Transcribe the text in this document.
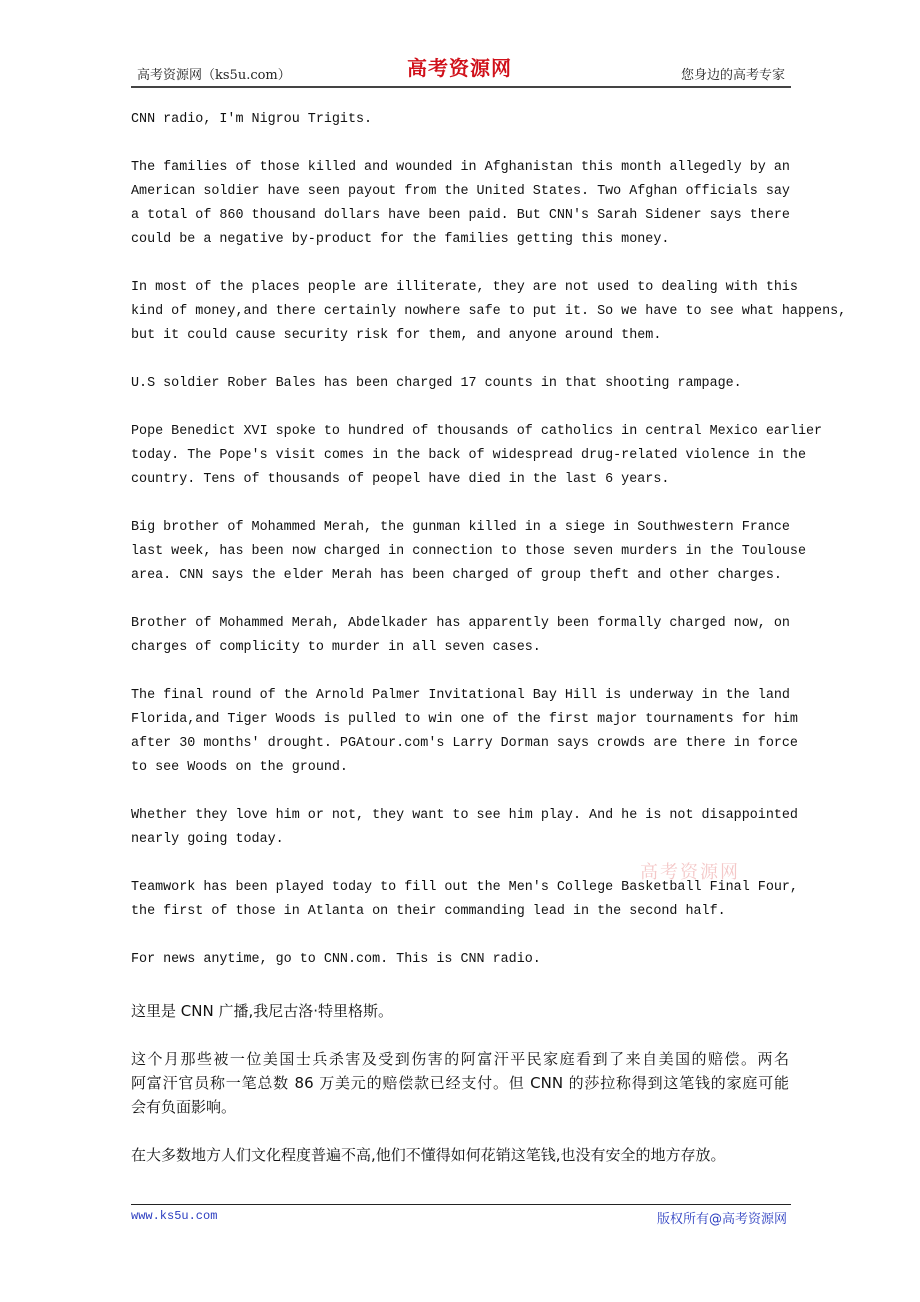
高考资源网（ks5u.com）	高考资源网	您身边的高考专家
CNN radio, I'm Nigrou Trigits.
The families of those killed and wounded in Afghanistan this month allegedly by an
American soldier have seen payout from the United States. Two Afghan officials say
a total of 860 thousand dollars have been paid. But CNN's Sarah Sidener says there
could be a negative by-product for the families getting this money.
In most of the places people are illiterate, they are not used to dealing with this
kind of money,and there certainly nowhere safe to put it. So we have to see what happens,
but it could cause security risk for them, and anyone around them.
U.S soldier Rober Bales has been charged 17 counts in that shooting rampage.
Pope Benedict XVI spoke to hundred of thousands of catholics in central Mexico earlier
today. The Pope's visit comes in the back of widespread drug-related violence in the
country. Tens of thousands of peopel have died in the last 6 years.
Big brother of Mohammed Merah, the gunman killed in a siege in Southwestern France
last week, has been now charged in connection to those seven murders in the Toulouse
area. CNN says the elder Merah has been charged of group theft and other charges.
Brother of Mohammed Merah, Abdelkader has apparently been formally charged now, on
charges of complicity to murder in all seven cases.
The final round of the Arnold Palmer Invitational Bay Hill is underway in the land
Florida,and Tiger Woods is pulled to win one of the first major tournaments for him
after 30 months' drought. PGAtour.com's Larry Dorman says crowds are there in force
to see Woods on the ground.
Whether they love him or not, they want to see him play. And he is not disappointed
nearly going today.
Teamwork has been played today to fill out the Men's College Basketball Final Four,
the first of those in Atlanta on their commanding lead in the second half.
For news anytime, go to CNN.com. This is CNN radio.
这里是 CNN 广播,我尼古洛·特里格斯。
这个月那些被一位美国士兵杀害及受到伤害的阿富汗平民家庭看到了来自美国的赔偿。两名
阿富汗官员称一笔总数 86 万美元的赔偿款已经支付。但 CNN 的莎拉称得到这笔钱的家庭可能
会有负面影响。
在大多数地方人们文化程度普遍不高,他们不懂得如何花销这笔钱,也没有安全的地方存放。
高考资源网
www.ks5u.com	版权所有@高考资源网
